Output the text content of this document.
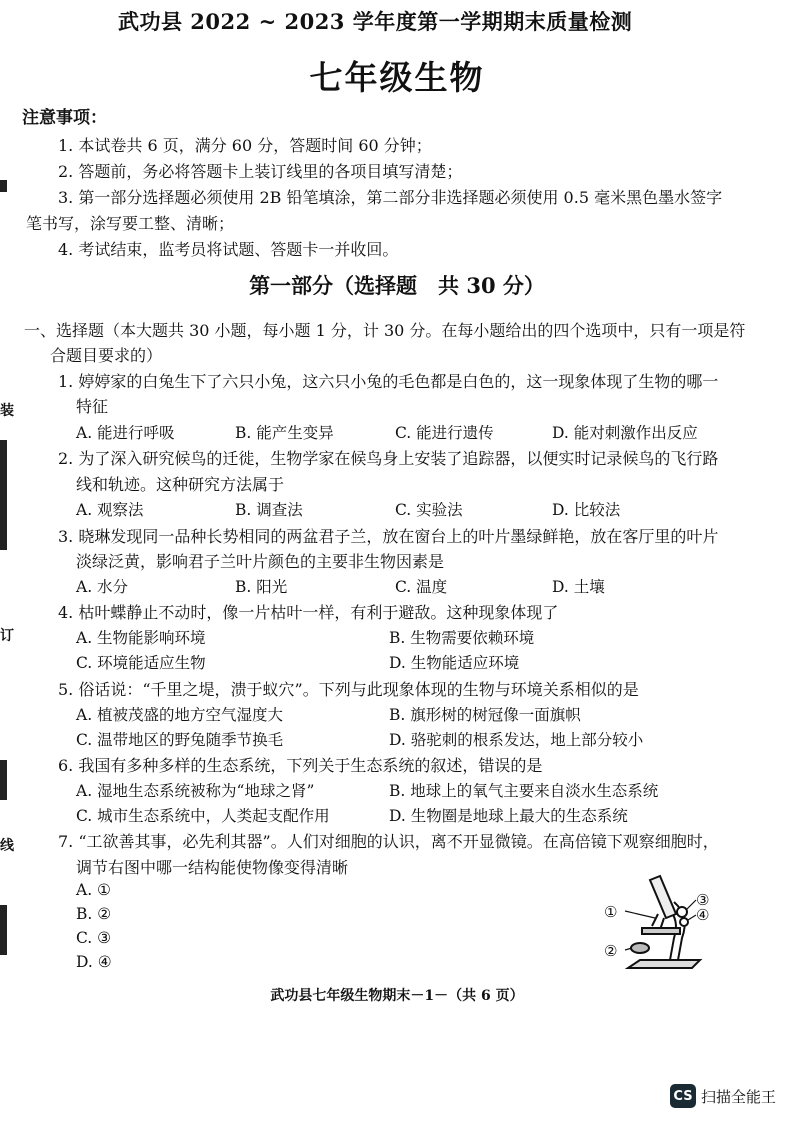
装
订
线
武功县 2022 ~ 2023 学年度第一学期期末质量检测
七年级生物
注意事项：
1. 本试卷共 6 页，满分 60 分，答题时间 60 分钟；
2. 答题前，务必将答题卡上装订线里的各项目填写清楚；
3. 第一部分选择题必须使用 2B 铅笔填涂，第二部分非选择题必须使用 0.5 毫米黑色墨水签字
笔书写，涂写要工整、清晰；
4. 考试结束，监考员将试题、答题卡一并收回。
第一部分（选择题　共 30 分）
一、选择题（本大题共 30 小题，每小题 1 分，计 30 分。在每小题给出的四个选项中，只有一项是符
合题目要求的）
1. 婷婷家的白兔生下了六只小兔，这六只小兔的毛色都是白色的，这一现象体现了生物的哪一
特征
A. 能进行呼吸	B. 能产生变异	C. 能进行遗传	D. 能对刺激作出反应
2. 为了深入研究候鸟的迁徙，生物学家在候鸟身上安装了追踪器，以便实时记录候鸟的飞行路
线和轨迹。这种研究方法属于
A. 观察法	B. 调查法	C. 实验法	D. 比较法
3. 晓琳发现同一品种长势相同的两盆君子兰，放在窗台上的叶片墨绿鲜艳，放在客厅里的叶片
淡绿泛黄，影响君子兰叶片颜色的主要非生物因素是
A. 水分	B. 阳光	C. 温度	D. 土壤
4. 枯叶蝶静止不动时，像一片枯叶一样，有利于避敌。这种现象体现了
A. 生物能影响环境	B. 生物需要依赖环境
C. 环境能适应生物	D. 生物能适应环境
5. 俗话说：“千里之堤，溃于蚁穴”。下列与此现象体现的生物与环境关系相似的是
A. 植被茂盛的地方空气湿度大	B. 旗形树的树冠像一面旗帜
C. 温带地区的野兔随季节换毛	D. 骆驼刺的根系发达，地上部分较小
6. 我国有多种多样的生态系统，下列关于生态系统的叙述，错误的是
A. 湿地生态系统被称为“地球之肾”	B. 地球上的氧气主要来自淡水生态系统
C. 城市生态系统中，人类起支配作用	D. 生物圈是地球上最大的生态系统
7. “工欲善其事，必先利其器”。人们对细胞的认识，离不开显微镜。在高倍镜下观察细胞时，
调节右图中哪一结构能使物像变得清晰
A. ①
B. ②
C. ③
D. ④
①
②
③
④
武功县七年级生物期末－1－（共 6 页）
CS 扫描全能王
